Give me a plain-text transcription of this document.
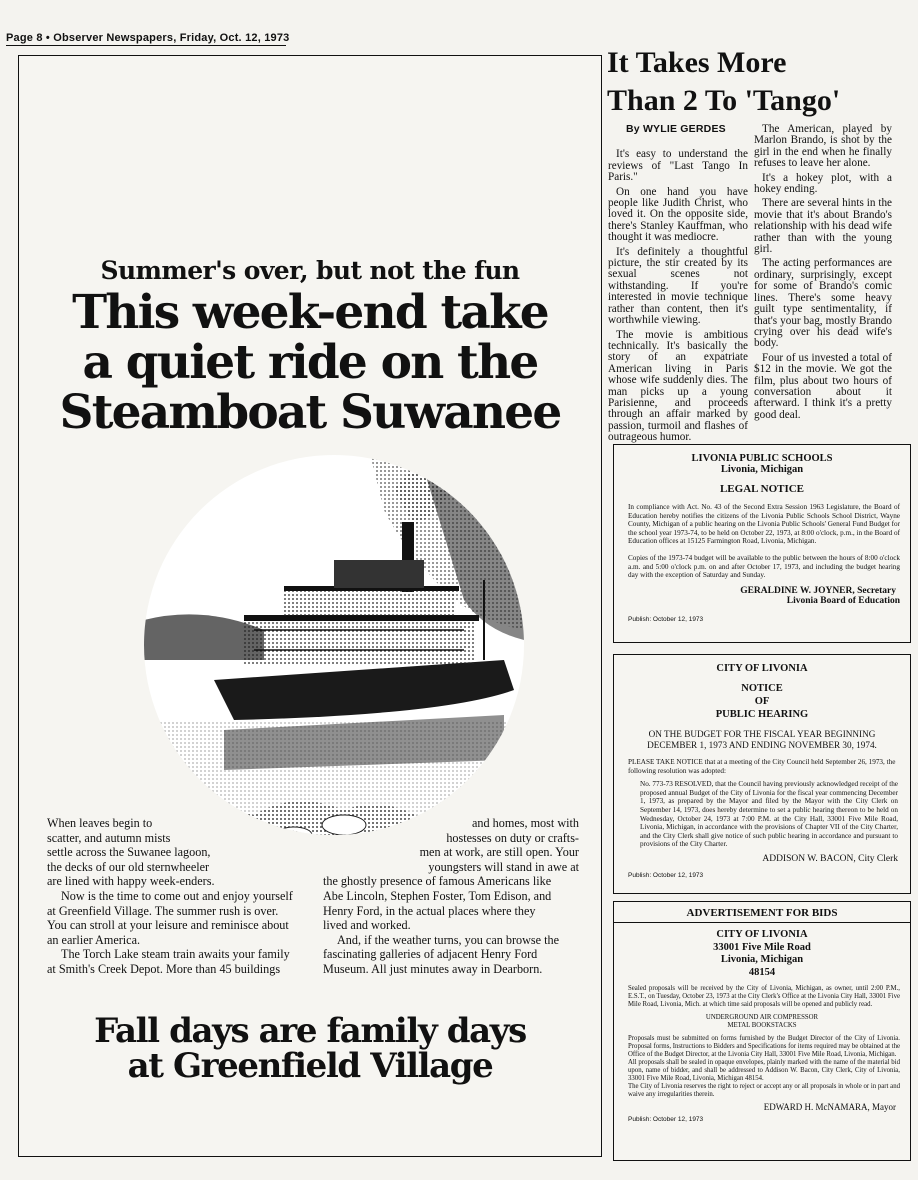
Page 8 • Observer Newspapers, Friday, Oct. 12, 1973
Summer's over, but not the fun
This week-end take
a quiet ride on the
Steamboat Suwanee
When leaves begin to
scatter, and autumn mists
settle across the Suwanee lagoon,
the decks of our old sternwheeler
are lined with happy week-enders.
Now is the time to come out and enjoy yourself
at Greenfield Village. The summer rush is over.
You can stroll at your leisure and reminisce about
an earlier America.
The Torch Lake steam train awaits your family
at Smith's Creek Depot. More than 45 buildings
and homes, most with
hostesses on duty or crafts-
men at work, are still open. Your
youngsters will stand in awe at
the ghostly presence of famous Americans like
Abe Lincoln, Stephen Foster, Tom Edison, and
Henry Ford, in the actual places where they
lived and worked.
And, if the weather turns, you can browse the
fascinating galleries of adjacent Henry Ford
Museum. All just minutes away in Dearborn.
Fall days are family days
at Greenfield Village
It Takes More
Than 2 To 'Tango'
By WYLIE GERDES

It's easy to understand the reviews of "Last Tango In Paris."

On one hand you have people like Judith Christ, who loved it. On the opposite side, there's Stanley Kauffman, who thought it was mediocre.

It's definitely a thoughtful picture, the stir created by its sexual scenes not withstanding. If you're interested in movie technique rather than content, then it's worthwhile viewing.

The movie is ambitious technically. It's basically the story of an expatriate American living in Paris whose wife suddenly dies. The man picks up a young Parisienne, and proceeds through an affair marked by passion, turmoil and flashes of outrageous humor.

The American, played by Marlon Brando, is shot by the girl in the end when he finally refuses to leave her alone.

It's a hokey plot, with a hokey ending.

There are several hints in the movie that it's about Brando's relationship with his dead wife rather than with the young girl.

The acting performances are ordinary, surprisingly, except for some of Brando's comic lines. There's some heavy guilt type sentimentality, if that's your bag, mostly Brando crying over his dead wife's body.

Four of us invested a total of $12 in the movie. We got the film, plus about two hours of conversation about it afterward. I think it's a pretty good deal.

LIVONIA PUBLIC SCHOOLS
Livonia, Michigan
LEGAL NOTICE
In compliance with Act. No. 43 of the Second Extra Session 1963 Legislature, the Board of Education hereby notifies the citizens of the Livonia Public Schools School District, Wayne County, Michigan of a public hearing on the Livonia Public Schools' General Fund Budget for the school year 1973-74, to be held on October 22, 1973, at 8:00 o'clock, p.m., in the Board of Education offices at 15125 Farmington Road, Livonia, Michigan.
Copies of the 1973-74 budget will be available to the public between the hours of 8:00 o'clock a.m. and 5:00 o'clock p.m. on and after October 17, 1973, and including the budget hearing day with the exception of Saturday and Sunday.
GERALDINE W. JOYNER, Secretary
Livonia Board of Education
Publish: October 12, 1973
CITY OF LIVONIA
NOTICE
OF
PUBLIC HEARING
ON THE BUDGET FOR THE FISCAL YEAR BEGINNING DECEMBER 1, 1973 AND ENDING NOVEMBER 30, 1974.
PLEASE TAKE NOTICE that at a meeting of the City Council held September 26, 1973, the following resolution was adopted:
No. 773-73 RESOLVED, that the Council having previously acknowledged receipt of the proposed annual Budget of the City of Livonia for the fiscal year commencing December 1, 1973, as prepared by the Mayor and filed by the Mayor with the City Clerk on September 14, 1973, does hereby determine to set a public hearing thereon to be held on Wednesday, October 24, 1973 at 7:00 P.M. at the City Hall, 33001 Five Mile Road, Livonia, Michigan, in accordance with the provisions of Chapter VII of the City Charter, and the City Clerk shall give notice of such public hearing in accordance and pursuant to provisions of the City Charter.
ADDISON W. BACON, City Clerk
Publish: October 12, 1973
ADVERTISEMENT FOR BIDS
CITY OF LIVONIA
33001 Five Mile Road
Livonia, Michigan
48154
Sealed proposals will be received by the City of Livonia, Michigan, as owner, until 2:00 P.M., E.S.T., on Tuesday, October 23, 1973 at the City Clerk's Office at the Livonia City Hall, 33001 Five Mile Road, Livonia, Mich. at which time said proposals will be opened and publicly read.
UNDERGROUND AIR COMPRESSOR
METAL BOOKSTACKS
Proposals must be submitted on forms furnished by the Budget Director of the City of Livonia. Proposal forms, Instructions to Bidders and Specifications for items required may be obtained at the Office of the Budget Director, at the Livonia City Hall, 33001 Five Mile Road, Livonia, Michigan.
All proposals shall be sealed in opaque envelopes, plainly marked with the name of the material bid upon, name of bidder, and shall be addressed to Addison W. Bacon, City Clerk, City of Livonia, 33001 Five Mile Road, Livonia, Michigan 48154.
The City of Livonia reserves the right to reject or accept any or all proposals in whole or in part and waive any irregularities therein.
EDWARD H. McNAMARA, Mayor
Publish: October 12, 1973
